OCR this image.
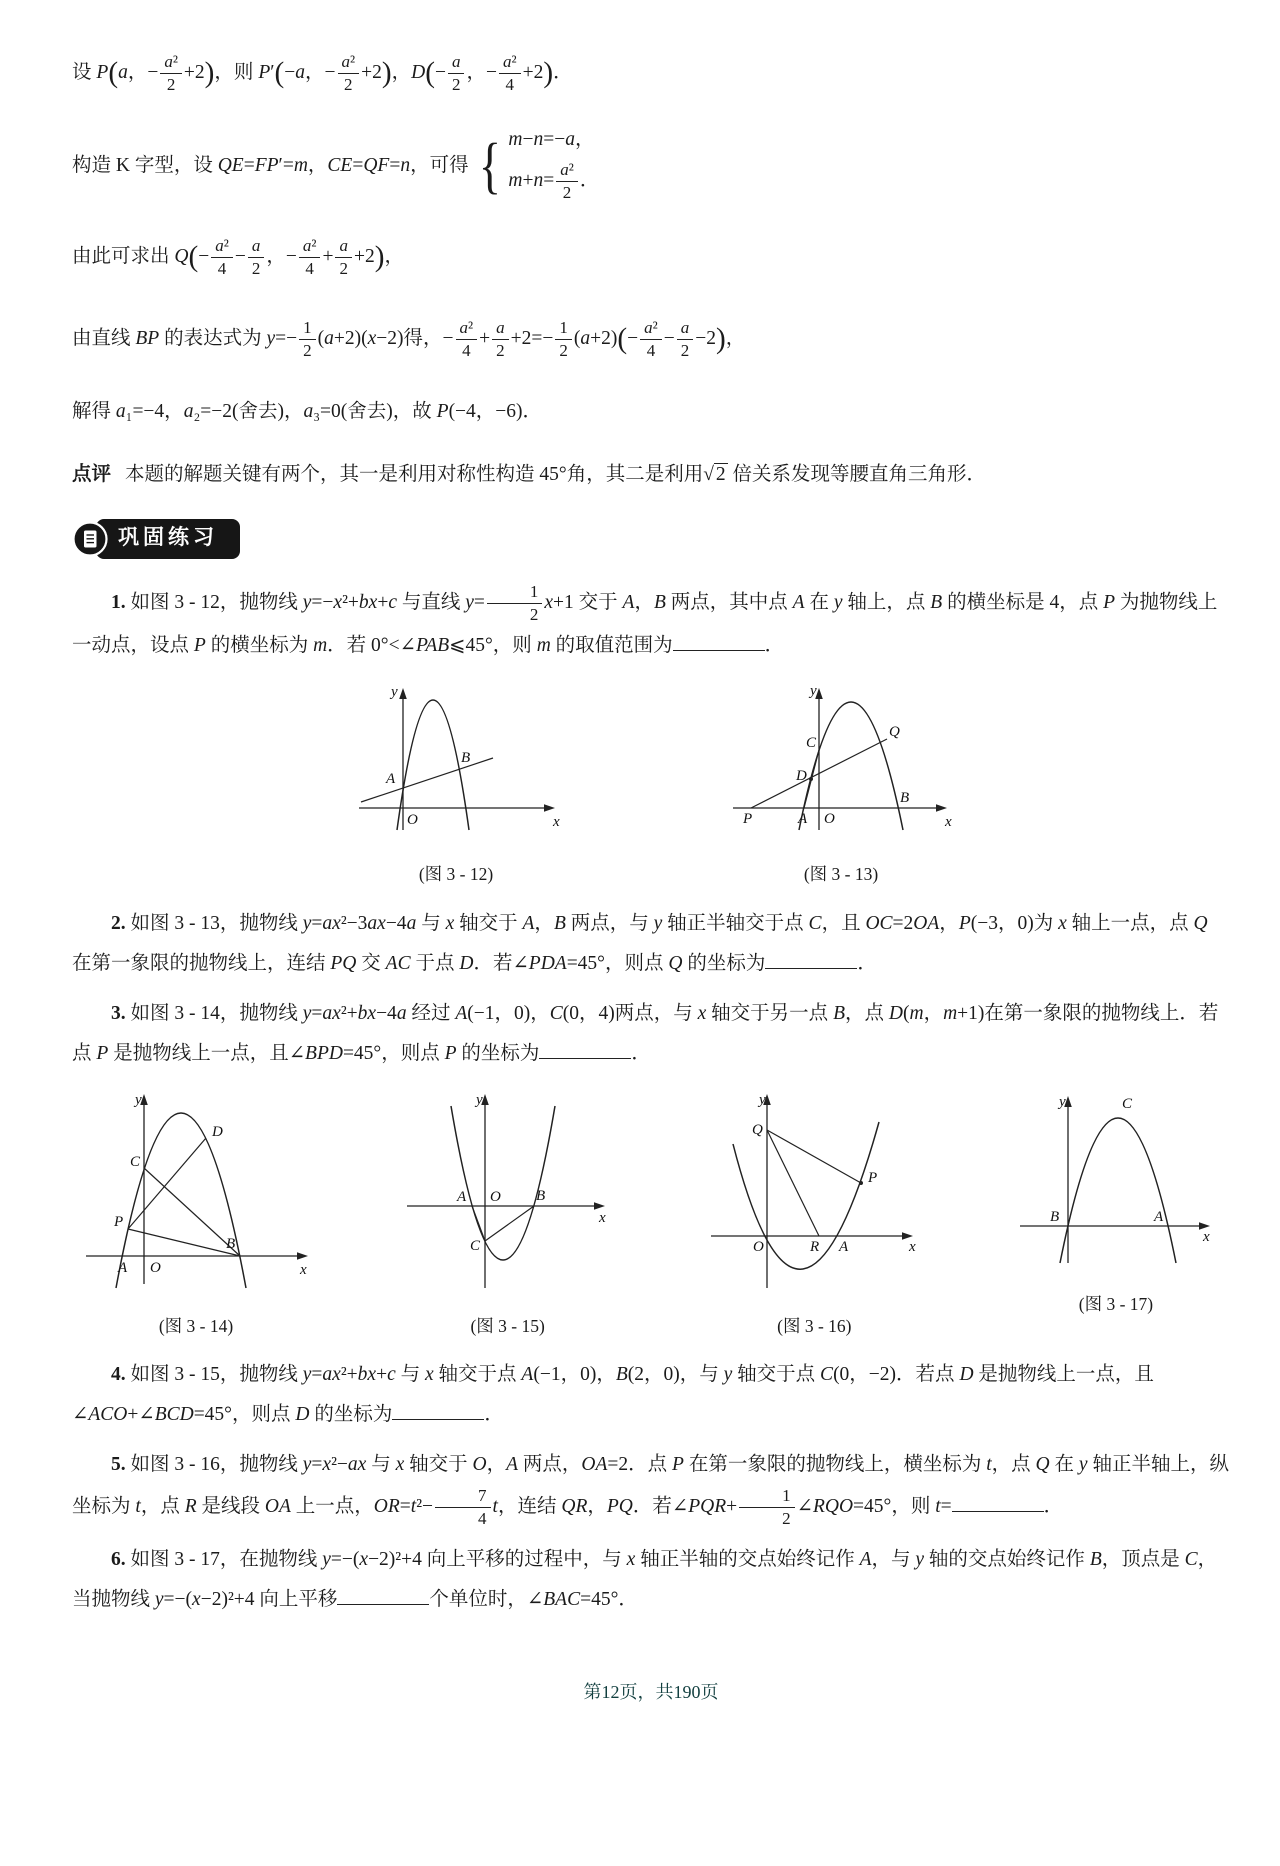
设 P(a，− $\frac{\text{a²}}{2} +2$)，则 P′(−a，− $\frac{\text{a²}}{2} +2$)，$D(- \frac{a}{2}$ ，− $\frac{\text{a²}}{4} +2$)．

构造 K 字型，设 QE=FP′=m，CE=QF=n，可得 { m−n=−a，
$m+n= \frac{\text{a²}}{2}$ ．

由此可求出 $Q(- \frac{\text{a²}}{4} - \frac{a}{2}$ ，− $\frac{\text{a²}}{4} + \frac{a}{2} +2$)，

由直线 BP 的表达式为 $y=- \frac{1}{2} (a+2)(x-2)$得，− $\frac{\text{a²}}{4} + \frac{a}{2} +2=- \frac{1}{2} (a+2)(- \frac{\text{a²}}{4} - \frac{a}{2} -2)$，

解得 a₁=−4，a₂=−2(舍去)，a₃=0(舍去)，故 P(−4，−6)．

点评 本题的解题关键有两个，其一是利用对称性构造 45°角，其二是利用√ 2 倍关系发现等腰直角三角形．

巩固练习

1. 如图 3 - 12，抛物线 y=−x²+bx+c 与直线 $y= \frac{1}{2} x+1$ 交于 A，B 两点，其中点 A 在 y 轴上，点 B 的横坐标是 4，点 P 为抛物线上一动点，设点 P 的横坐标为 m．若 0°<∠PAB⩽45°，则 m 的取值范围为	．

y
x
O
A
B
(图 3 - 12)
y
x
P	A O
B
C
D
Q
(图 3 - 13)

2. 如图 3 - 13，抛物线 y=ax²−3ax−4a 与 x 轴交于 A，B 两点，与 y 轴正半轴交于点 C，且 OC=2OA，P(−3，0)为 x 轴上一点，点 Q 在第一象限的抛物线上，连结 PQ 交 AC 于点 D．若∠PDA=45°，则点 Q 的坐标为	．

3. 如图 3 - 14，抛物线 y=ax²+bx−4a 经过 A(−1，0)，C(0，4)两点，与 x 轴交于另一点 B，点 D(m，m+1)在第一象限的抛物线上．若点 P 是抛物线上一点，且∠BPD=45°，则点 P 的坐标为	．

y
x
C
D
P
A O
B
(图 3 - 14)
y
x
A O B
C
(图 3 - 15)
y
x
Q
P
O	R A
(图 3 - 16)
y
x
C
B	A
(图 3 - 17)

4. 如图 3 - 15，抛物线 y=ax²+bx+c 与 x 轴交于点 A(−1，0)，B(2，0)，与 y 轴交于点 C(0，−2)．若点 D 是抛物线上一点，且∠ACO+∠BCD=45°，则点 D 的坐标为	．

5. 如图 3 - 16，抛物线 y=x²−ax 与 x 轴交于 O，A 两点，OA=2．点 P 在第一象限的抛物线上，横坐标为 t，点 Q 在 y 轴正半轴上，纵坐标为 t，点 R 是线段 OA 上一点，$OR=t^2- \frac{7}{4}$ t，连结 QR，PQ．若∠PQR+ $\frac{1}{2}$ ∠RQO=45°，则 t=	．

6. 如图 3 - 17，在抛物线 y=−(x−2)²+4 向上平移的过程中，与 x 轴正半轴的交点始终记作 A，与 y 轴的交点始终记作 B，顶点是 C，当抛物线 y=−(x−2)²+4 向上平移	个单位时，∠BAC=45°．

第12页，共190页
